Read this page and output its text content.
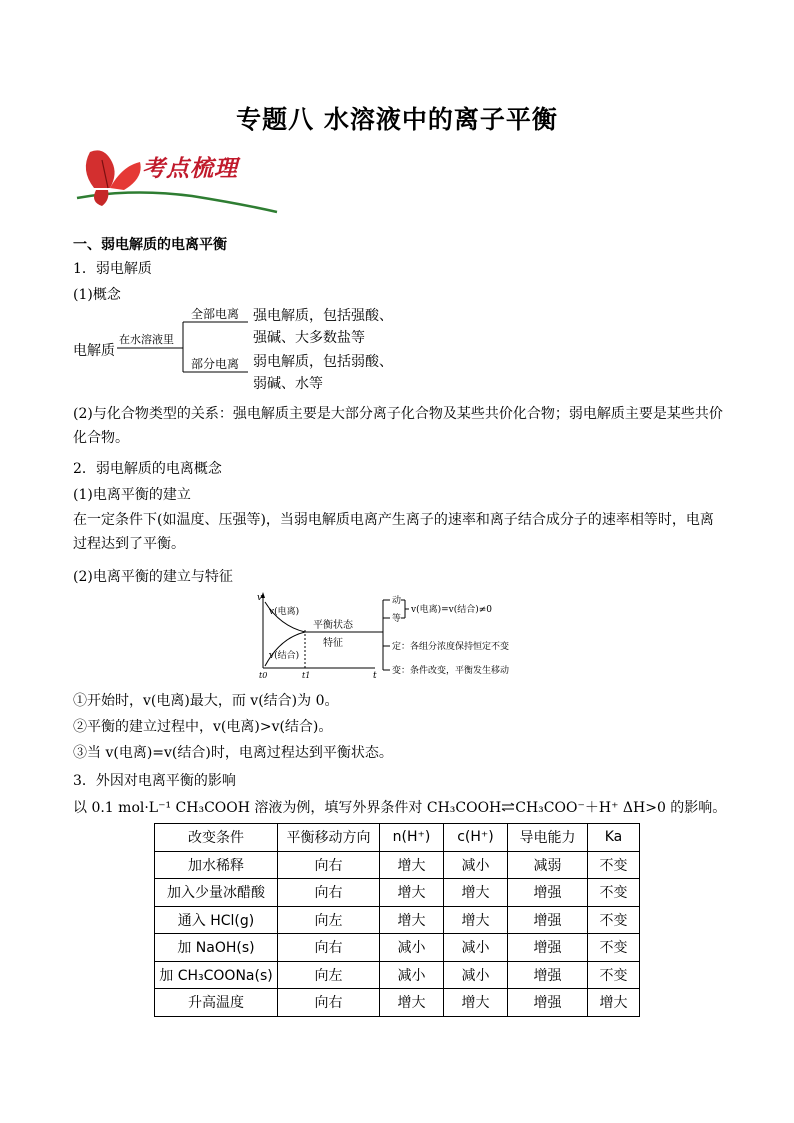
专题八 水溶液中的离子平衡
考点梳理
一、弱电解质的电离平衡
1．弱电解质
(1)概念
电解质
在水溶液里
全部电离
部分电离
强电解质，包括强酸、
强碱、大多数盐等
弱电解质，包括弱酸、
弱碱、水等
(2)与化合物类型的关系：强电解质主要是大部分离子化合物及某些共价化合物；弱电解质主要是某些共价化合物。
2．弱电解质的电离概念
(1)电离平衡的建立
在一定条件下(如温度、压强等)，当弱电解质电离产生离子的速率和离子结合成分子的速率相等时，电离过程达到了平衡。
(2)电离平衡的建立与特征
v
t
t0	t1
v(电离)
v(结合)
平衡状态
特征
动
等
v(电离)=v(结合)≠0
定：各组分浓度保持恒定不变
变：条件改变，平衡发生移动
①开始时，v(电离)最大，而 v(结合)为 0。
②平衡的建立过程中，v(电离)>v(结合)。
③当 v(电离)=v(结合)时，电离过程达到平衡状态。
3．外因对电离平衡的影响
以 0.1 mol·L⁻¹ CH₃COOH 溶液为例，填写外界条件对 CH₃COOH⇌CH₃COO⁻＋H⁺ ΔH>0 的影响。
改变条件	平衡移动方向	n(H⁺)	c(H⁺)	导电能力	Ka
加水稀释	向右	增大	减小	减弱	不变
加入少量冰醋酸	向右	增大	增大	增强	不变
通入 HCl(g)	向左	增大	增大	增强	不变
加 NaOH(s)	向右	减小	减小	增强	不变
加 CH₃COONa(s)	向左	减小	减小	增强	不变
升高温度	向右	增大	增大	增强	增大
